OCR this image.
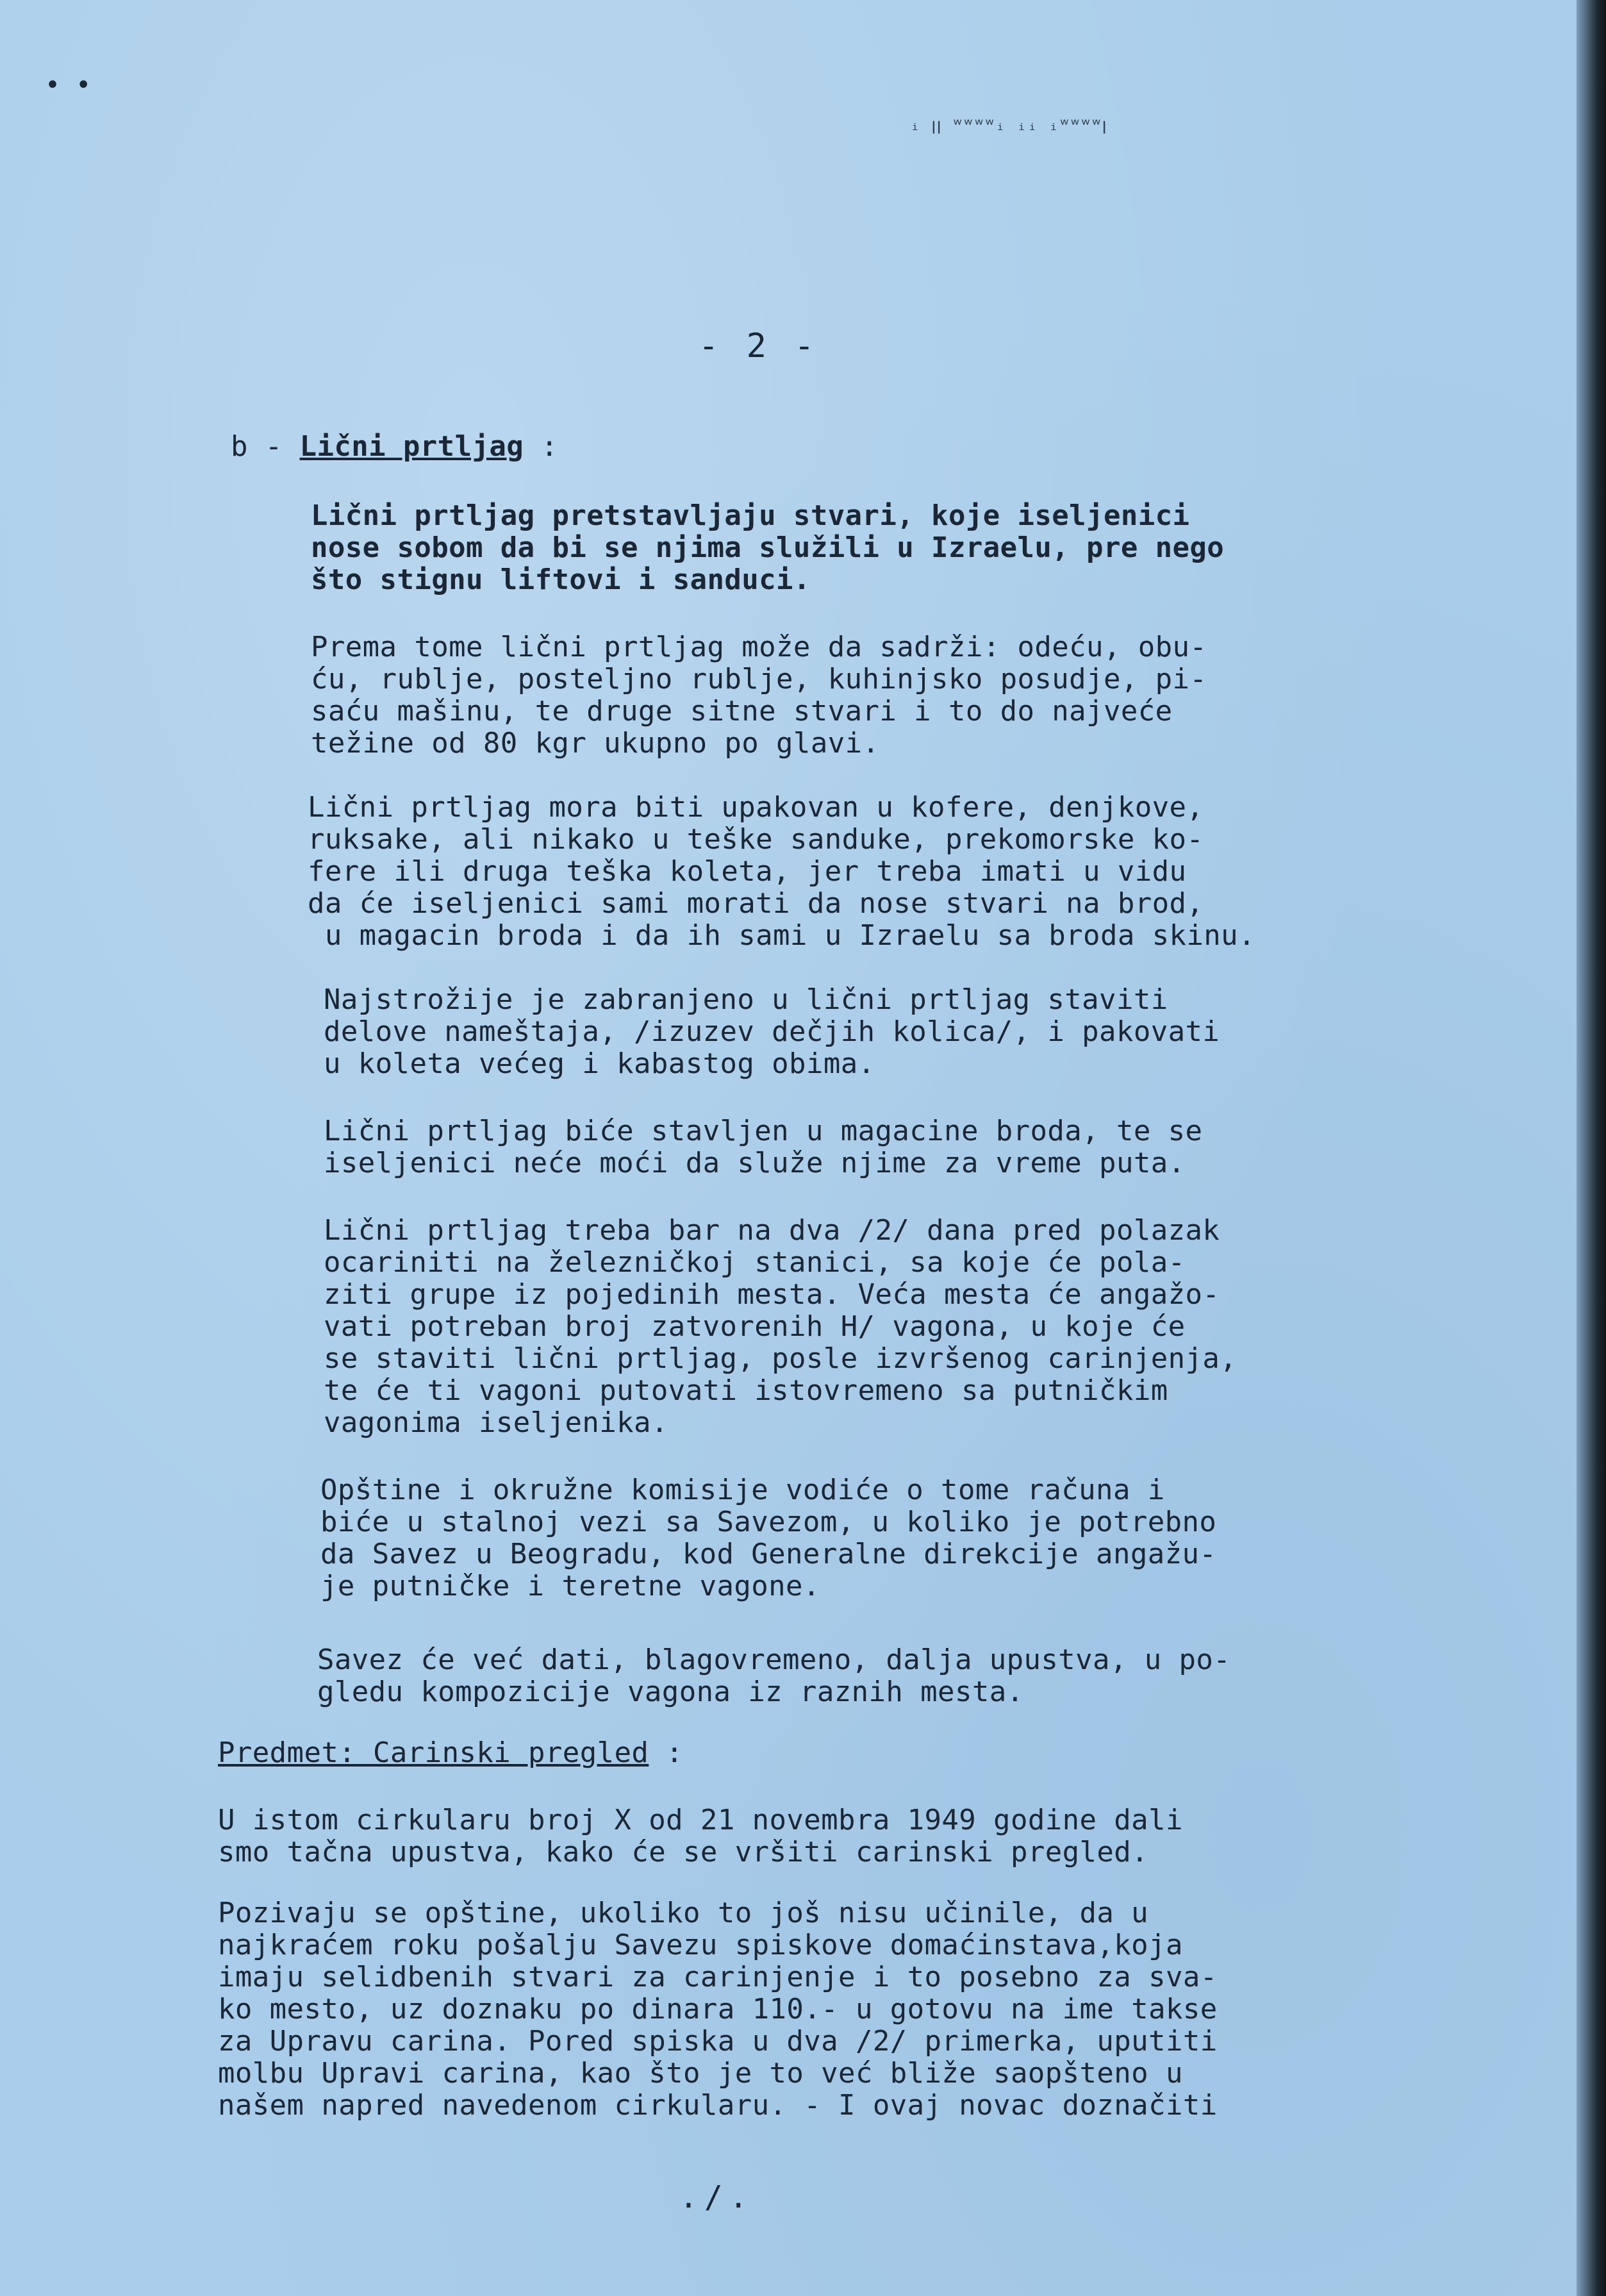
• •
ᵢ ꞁꞁ ʷʷʷʷᵢ ᵢᵢ ᵢʷʷʷʷꞁ
- 2 -
b - Lični prtljag :
Lični prtljag pretstavljaju stvari, koje iseljenici
nose sobom da bi se njima služili u Izraelu, pre nego
što stignu liftovi i sanduci.
Prema tome lični prtljag može da sadrži: odeću, obu-
ću, rublje, posteljno rublje, kuhinjsko posudje, pi-
saću mašinu, te druge sitne stvari i to do najveće
težine od 80 kgr ukupno po glavi.
Lični prtljag mora biti upakovan u kofere, denjkove,
ruksake, ali nikako u teške sanduke, prekomorske ko-
fere ili druga teška koleta, jer treba imati u vidu
da će iseljenici sami morati da nose stvari na brod,
u magacin broda i da ih sami u Izraelu sa broda skinu.
Najstrožije je zabranjeno u lični prtljag staviti
delove nameštaja, /izuzev dečjih kolica/, i pakovati
u koleta većeg i kabastog obima.
Lični prtljag biće stavljen u magacine broda, te se
iseljenici neće moći da služe njime za vreme puta.
Lični prtljag treba bar na dva /2/ dana pred polazak
ocariniti na železničkoj stanici, sa koje će pola-
ziti grupe iz pojedinih mesta. Veća mesta će angažo-
vati potreban broj zatvorenih H/ vagona, u koje će
se staviti lični prtljag, posle izvršenog carinjenja,
te će ti vagoni putovati istovremeno sa putničkim
vagonima iseljenika.
Opštine i okružne komisije vodiće o tome računa i
biće u stalnoj vezi sa Savezom, u koliko je potrebno
da Savez u Beogradu, kod Generalne direkcije angažu-
je putničke i teretne vagone.
Savez će već dati, blagovremeno, dalja upustva, u po-
gledu kompozicije vagona iz raznih mesta.
Predmet: Carinski pregled :
U istom cirkularu broj X od 21 novembra 1949 godine dali
smo tačna upustva, kako će se vršiti carinski pregled.
Pozivaju se opštine, ukoliko to još nisu učinile, da u
najkraćem roku pošalju Savezu spiskove domaćinstava,koja
imaju selidbenih stvari za carinjenje i to posebno za sva-
ko mesto, uz doznaku po dinara 110.- u gotovu na ime takse
za Upravu carina. Pored spiska u dva /2/ primerka, uputiti
molbu Upravi carina, kao što je to već bliže saopšteno u
našem napred navedenom cirkularu. - I ovaj novac doznačiti
./.
